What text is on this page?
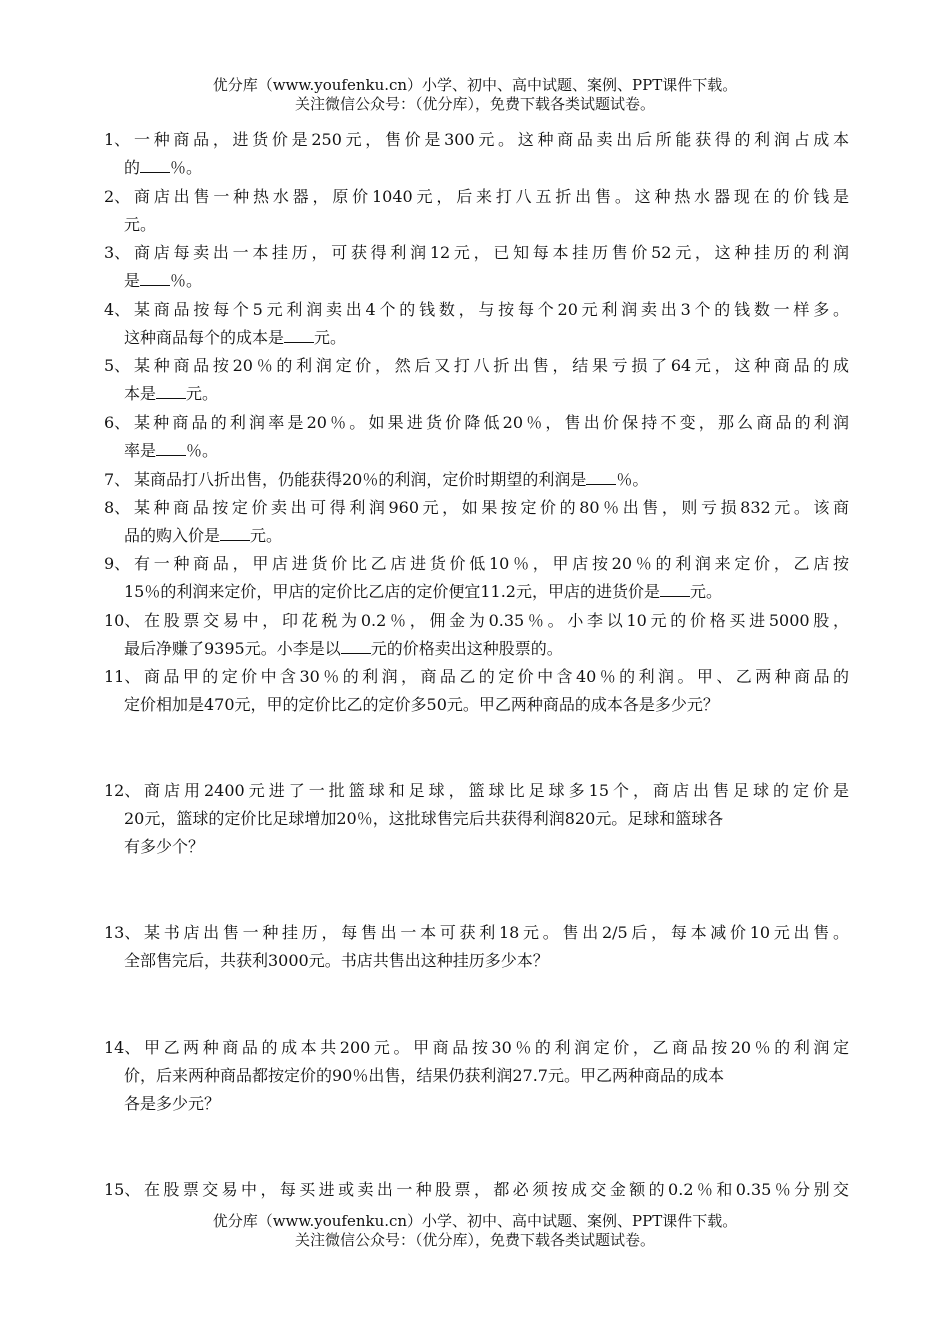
优分库（www.youfenku.cn）小学、初中、高中试题、案例、PPT课件下载。
关注微信公众号：（优分库），免费下载各类试题试卷。
1、 一种商品，进货价是250元，售价是300元。这种商品卖出后所能获得的利润占成本
的 ％。
2、 商店出售一种热水器，原价1040元，后来打八五折出售。这种热水器现在的价钱是
元。
3、 商店每卖出一本挂历，可获得利润12元，已知每本挂历售价52元，这种挂历的利润
是 ％。
4、 某商品按每个5元利润卖出4个的钱数，与按每个20元利润卖出3个的钱数一样多。
这种商品每个的成本是 元。
5、 某种商品按20％的利润定价，然后又打八折出售，结果亏损了64元，这种商品的成
本是 元。
6、 某种商品的利润率是20％。如果进货价降低20％，售出价保持不变，那么商品的利润
率是 ％。
7、 某商品打八折出售，仍能获得20％的利润，定价时期望的利润是 ％。
8、 某种商品按定价卖出可得利润960元，如果按定价的80％出售，则亏损832元。该商
品的购入价是 元。
9、 有一种商品，甲店进货价比乙店进货价低10％，甲店按20％的利润来定价，乙店按
15％的利润来定价，甲店的定价比乙店的定价便宜11.2元，甲店的进货价是 元。
10、 在股票交易中，印花税为0.2％，佣金为0.35％。小李以10元的价格买进5000股，
最后净赚了9395元。小李是以 元的价格卖出这种股票的。
11、 商品甲的定价中含30％的利润，商品乙的定价中含40％的利润。甲、乙两种商品的
定价相加是470元，甲的定价比乙的定价多50元。甲乙两种商品的成本各是多少元？
12、 商店用2400元进了一批篮球和足球，篮球比足球多15个，商店出售足球的定价是
20元，篮球的定价比足球增加20％，这批球售完后共获得利润820元。足球和篮球各
有多少个？
13、 某书店出售一种挂历，每售出一本可获利18元。售出2/5后，每本减价10元出售。
全部售完后，共获利3000元。书店共售出这种挂历多少本？
14、 甲乙两种商品的成本共200元。甲商品按30％的利润定价，乙商品按20％的利润定
价，后来两种商品都按定价的90％出售，结果仍获利润27.7元。甲乙两种商品的成本
各是多少元？
15、 在股票交易中，每买进或卖出一种股票，都必须按成交金额的0.2％和0.35％分别交
优分库（www.youfenku.cn）小学、初中、高中试题、案例、PPT课件下载。
关注微信公众号：（优分库），免费下载各类试题试卷。
